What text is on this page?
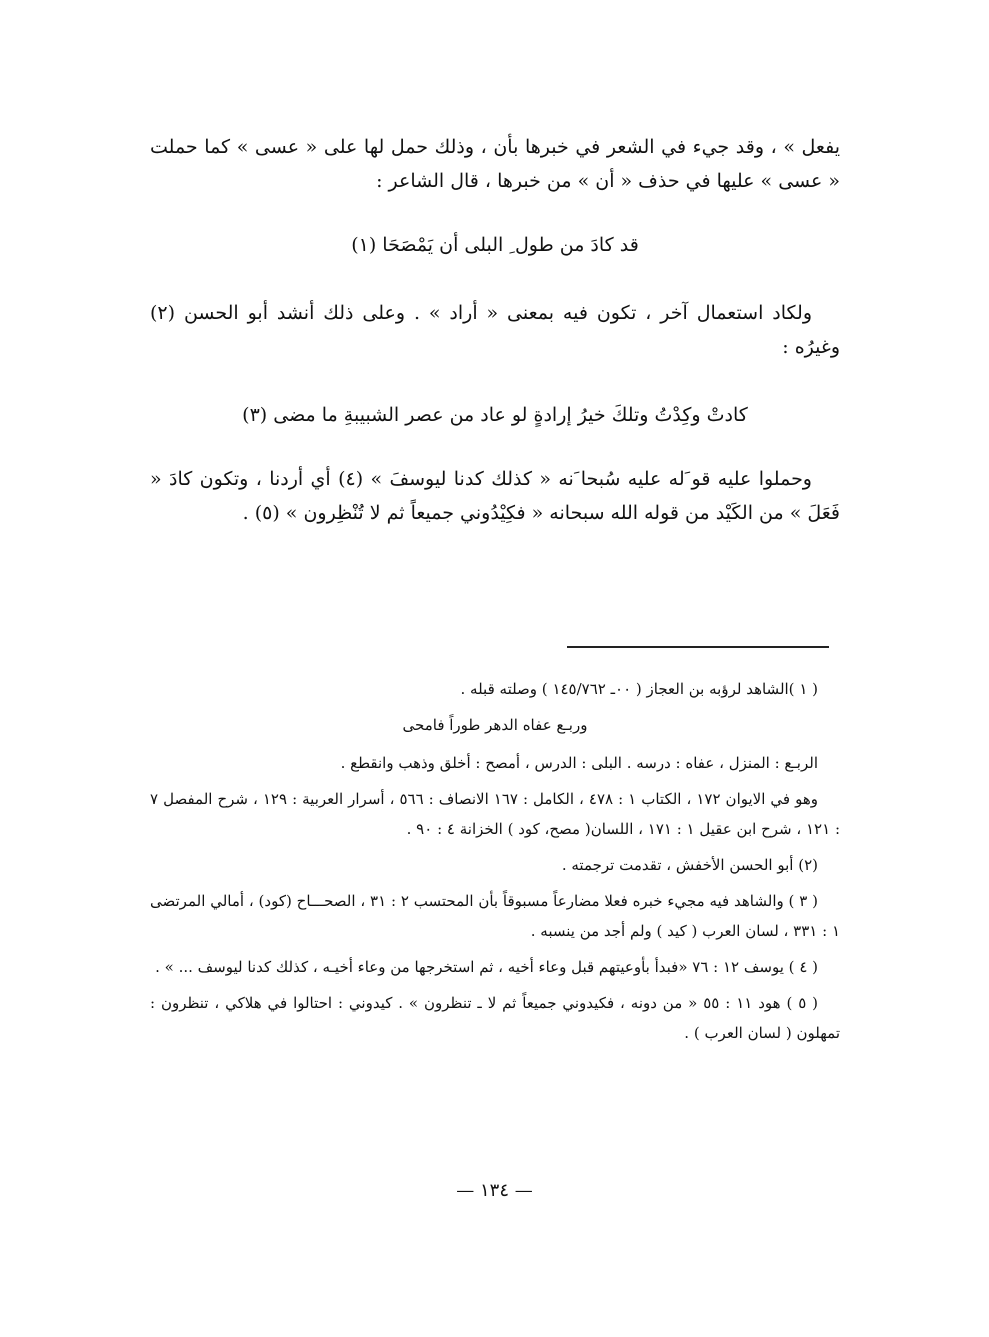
يفعل » ، وقد جيء في الشعر في خبرها بأن ، وذلك حمل لها على « عسى » كما حملت « عسى » عليها في حذف « أن » من خبرها ، قال الشاعر :

قد كادَ من طول ِ البلى أن يَمْصَحَا (١)

ولكاد استعمال آخر ، تكون فيه بمعنى « أراد » . وعلى ذلك أنشد أبو الحسن (٢) وغيرُه :

كادتْ وكِدْتُ وتلكَ خيرُ إرادةٍ لو عاد من عصر الشبيبةِ ما مضى (٣)

وحملوا عليه قو َله عليه سُبحا َنه « كذلك كدنا ليوسفَ » (٤) أي أردنا ، وتكون كادَ « فَعَلَ » من الكَيْد من قوله الله سبحانه « فكِيْدُوني جميعاً ثم لا تُنْظِرون » (٥) .

( ١ )الشاهد لرؤبه بن العجاز ( ٠٠ـ ١٤٥/٧٦٢ ) وصلته قبله .

وربـع عفاه الدهر طوراً فامحى

الربـع : المنزل ، عفاه : درسه . البلى : الدرس ، أمصح : أخلق وذهب وانقطع .

وهو في الايوان ١٧٢ ، الكتاب ١ : ٤٧٨ ، الكامل : ١٦٧ الانصاف : ٥٦٦ ، أسرار العربية : ١٢٩ ، شرح المفصل ٧ : ١٢١ ، شرح ابن عقيل ١ : ١٧١ ، اللسان( مصح، كود ) الخزانة ٤ : ٩٠ .

(٢) أبو الحسن الأخفش ، تقدمت ترجمته .

( ٣ ) والشاهد فيه مجيء خبره فعلا مضارعاً مسبوقاً بأن المحتسب ٢ : ٣١ ، الصحـــاح (كود) ، أمالي المرتضى ١ : ٣٣١ ، لسان العرب ( كيد ) ولم أجد من ينسبه .

( ٤ ) يوسف ١٢ : ٧٦ «فبدأ بأوعيتهم قبل وعاء أخيه ، ثم استخرجها من وعاء أخيـه ، كذلك كدنا ليوسف ... » .

( ٥ ) هود ١١ : ٥٥ « من دونه ، فكيدوني جميعاً ثم لا ـ تنظرون » . كيدوني : احتالوا في هلاكي ، تنظرون : تمهلون ( لسان العرب ) .

— ١٣٤ —
